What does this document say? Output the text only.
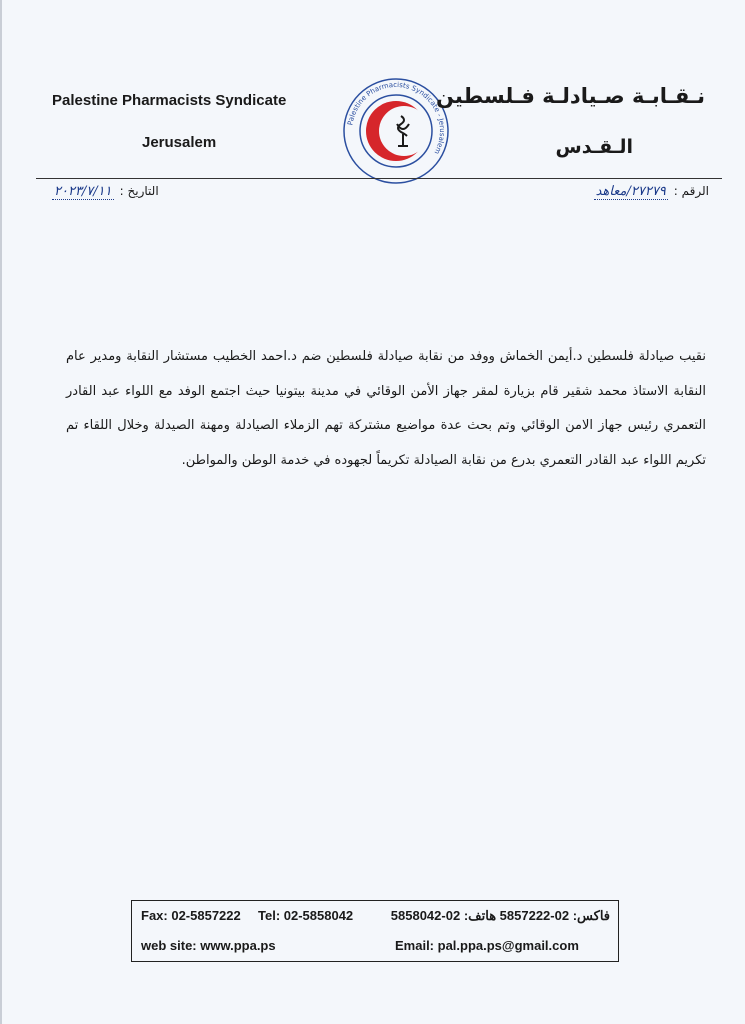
Palestine Pharmacists Syndicate
Jerusalem
Palestine Pharmacists Syndicate - Jerusalem
نـقـابـة صـيادلـة فـلسطين
الـقـدس
الرقم :
٢٧٢٧٩/معاهد
التاريخ :
٢٠٢٣/٧/١١
نقيب صيادلة فلسطين د.أيمن الخماش ووفد من نقابة صيادلة فلسطين ضم د.احمد الخطيب مستشار النقابة ومدير عام النقابة الاستاذ محمد شقير قام بزيارة لمقر جهاز الأمن الوقائي في مدينة بيتونيا حيث اجتمع الوفد مع اللواء عبد القادر التعمري رئيس جهاز الامن الوقائي وتم بحث عدة مواضيع مشتركة تهم الزملاء الصيادلة ومهنة الصيدلة وخلال اللقاء تم تكريم اللواء عبد القادر التعمري بدرع من نقابة الصيادلة تكريماً لجهوده في خدمة الوطن والمواطن.
Fax: 02-5857222 Tel: 02-5858042	فاكس: 02-5857222 هاتف: 02-5858042
web site: www.ppa.ps	Email: pal.ppa.ps@gmail.com
